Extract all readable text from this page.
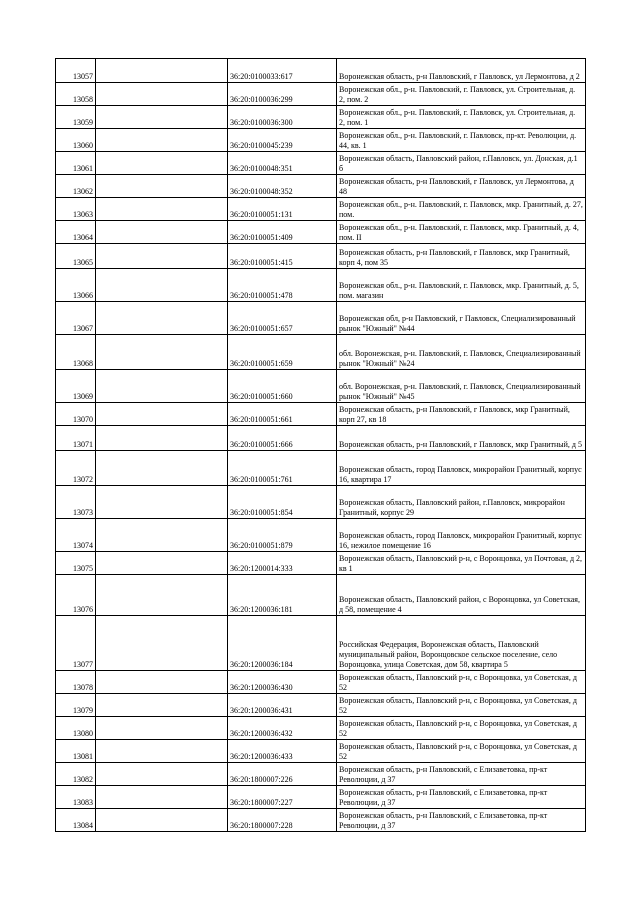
13057		36:20:0100033:617	Воронежская область, р-н Павловский, г Павловск, ул Лермонтова, д 2
13058		36:20:0100036:299	Воронежская обл., р-н. Павловский, г. Павловск, ул. Строительная, д. 2, пом. 2
13059		36:20:0100036:300	Воронежская обл., р-н. Павловский, г. Павловск, ул. Строительная, д. 2, пом. 1
13060		36:20:0100045:239	Воронежская обл., р-н. Павловский, г. Павловск, пр-кт. Революции, д. 44, кв. 1
13061		36:20:0100048:351	Воронежская область, Павловский район, г.Павловск, ул. Донская, д.1 б
13062		36:20:0100048:352	Воронежская область, р-н Павловский, г Павловск, ул Лермонтова, д 48
13063		36:20:0100051:131	Воронежская обл., р-н. Павловский, г. Павловск, мкр. Гранитный, д. 27, пом.
13064		36:20:0100051:409	Воронежская обл., р-н. Павловский, г. Павловск, мкр. Гранитный, д. 4, пом. II
13065		36:20:0100051:415	Воронежская область, р-н Павловский, г Павловск, мкр Гранитный, корп 4, пом 35
13066		36:20:0100051:478	Воронежская обл., р-н. Павловский, г. Павловск, мкр. Гранитный, д. 5, пом. магазин
13067		36:20:0100051:657	Воронежская обл, р-н Павловский, г Павловск, Специализированный рынок "Южный" №44
13068		36:20:0100051:659	обл. Воронежская, р-н. Павловский, г. Павловск, Специализированный рынок "Южный" №24
13069		36:20:0100051:660	обл. Воронежская, р-н. Павловский, г. Павловск, Специализированный рынок "Южный" №45
13070		36:20:0100051:661	Воронежская область, р-н Павловский, г Павловск, мкр Гранитный, корп 27, кв 18
13071		36:20:0100051:666	Воронежская область, р-н Павловский, г Павловск, мкр Гранитный, д 5
13072		36:20:0100051:761	Воронежская область, город Павловск, микрорайон Гранитный, корпус 16, квартира 17
13073		36:20:0100051:854	Воронежская область, Павловский район, г.Павловск, микрорайон Гранитный, корпус 29
13074		36:20:0100051:879	Воронежская область, город Павловск, микрорайон Гранитный, корпус 16, нежилое помещение 16
13075		36:20:1200014:333	Воронежская область, Павловский р-н, с Воронцовка, ул Почтовая, д 2, кв 1
13076		36:20:1200036:181	Воронежская область, Павловский район, с Воронцовка, ул Советская, д 58, помещение 4
13077		36:20:1200036:184	Российская Федерация, Воронежская область, Павловский муниципальный район, Воронцовское сельское поселение, село Воронцовка, улица Советская, дом 58, квартира 5
13078		36:20:1200036:430	Воронежская область, Павловский р-н, с Воронцовка, ул Советская, д 52
13079		36:20:1200036:431	Воронежская область, Павловский р-н, с Воронцовка, ул Советская, д 52
13080		36:20:1200036:432	Воронежская область, Павловский р-н, с Воронцовка, ул Советская, д 52
13081		36:20:1200036:433	Воронежская область, Павловский р-н, с Воронцовка, ул Советская, д 52
13082		36:20:1800007:226	Воронежская область, р-н Павловский, с Елизаветовка, пр-кт Революции, д 37
13083		36:20:1800007:227	Воронежская область, р-н Павловский, с Елизаветовка, пр-кт Революции, д 37
13084		36:20:1800007:228	Воронежская область, р-н Павловский, с Елизаветовка, пр-кт Революции, д 37
